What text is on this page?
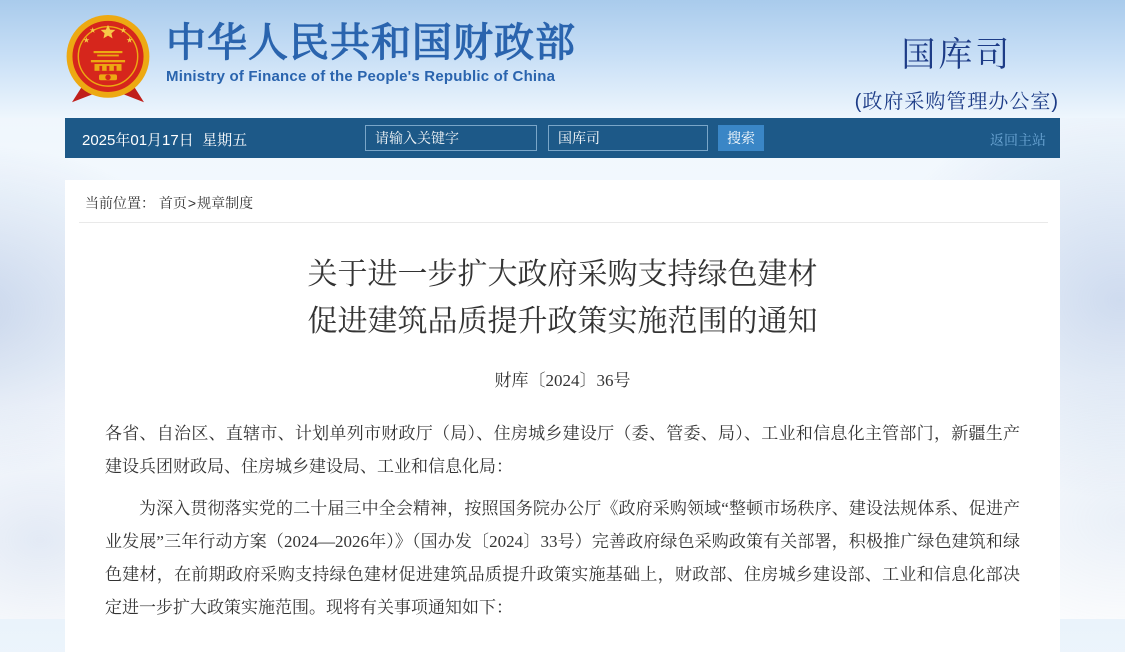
中华人民共和国财政部
Ministry of Finance of the People's Republic of China
国库司
(政府采购管理办公室)
2025年01月17日  星期五
请输入关键字	国库司	搜索	返回主站
当前位置： 首页>规章制度
关于进一步扩大政府采购支持绿色建材
促进建筑品质提升政策实施范围的通知
财库〔2024〕36号

各省、自治区、直辖市、计划单列市财政厅（局）、住房城乡建设厅（委、管委、局）、工业和信息化主管部门，新疆生产建设兵团财政局、住房城乡建设局、工业和信息化局：

为深入贯彻落实党的二十届三中全会精神，按照国务院办公厅《政府采购领域“整顿市场秩序、建设法规体系、促进产业发展”三年行动方案（2024—2026年）》（国办发〔2024〕33号）完善政府绿色采购政策有关部署，积极推广绿色建筑和绿色建材，在前期政府采购支持绿色建材促进建筑品质提升政策实施基础上，财政部、住房城乡建设部、工业和信息化部决定进一步扩大政策实施范围。现将有关事项通知如下：
